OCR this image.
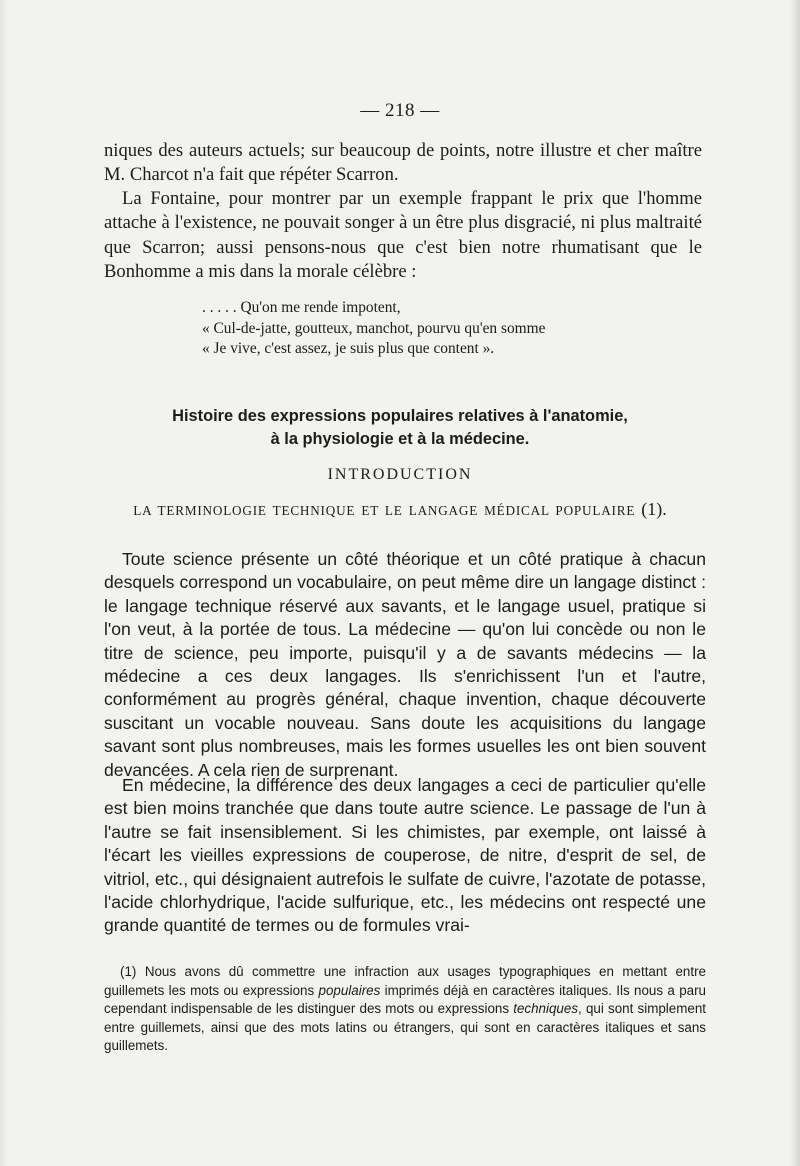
— 218 —

niques des auteurs actuels; sur beaucoup de points, notre illustre et cher maître M. Charcot n'a fait que répéter Scarron.

La Fontaine, pour montrer par un exemple frappant le prix que l'homme attache à l'existence, ne pouvait songer à un être plus disgracié, ni plus maltraité que Scarron; aussi pensons-nous que c'est bien notre rhumatisant que le Bonhomme a mis dans la morale célèbre :

. . . . . Qu'on me rende impotent,
« Cul-de-jatte, goutteux, manchot, pourvu qu'en somme
« Je vive, c'est assez, je suis plus que content ».
Histoire des expressions populaires relatives à l'anatomie,
à la physiologie et à la médecine.
INTRODUCTION
LA TERMINOLOGIE TECHNIQUE ET LE LANGAGE MÉDICAL POPULAIRE (1).

Toute science présente un côté théorique et un côté pratique à chacun desquels correspond un vocabulaire, on peut même dire un langage distinct : le langage technique réservé aux savants, et le langage usuel, pratique si l'on veut, à la portée de tous. La médecine — qu'on lui concède ou non le titre de science, peu importe, puisqu'il y a de savants médecins — la médecine a ces deux langages. Ils s'enrichissent l'un et l'autre, conformément au progrès général, chaque invention, chaque découverte suscitant un vocable nouveau. Sans doute les acquisitions du langage savant sont plus nombreuses, mais les formes usuelles les ont bien souvent devancées. A cela rien de surprenant.

En médecine, la différence des deux langages a ceci de particulier qu'elle est bien moins tranchée que dans toute autre science. Le passage de l'un à l'autre se fait insensiblement. Si les chimistes, par exemple, ont laissé à l'écart les vieilles expressions de couperose, de nitre, d'esprit de sel, de vitriol, etc., qui désignaient autrefois le sulfate de cuivre, l'azotate de potasse, l'acide chlorhydrique, l'acide sulfurique, etc., les médecins ont respecté une grande quantité de termes ou de formules vrai-

(1) Nous avons dû commettre une infraction aux usages typographiques en mettant entre guillemets les mots ou expressions populaires imprimés déjà en caractères italiques. Ils nous a paru cependant indispensable de les distinguer des mots ou expressions techniques, qui sont simplement entre guillemets, ainsi que des mots latins ou étrangers, qui sont en caractères italiques et sans guillemets.
